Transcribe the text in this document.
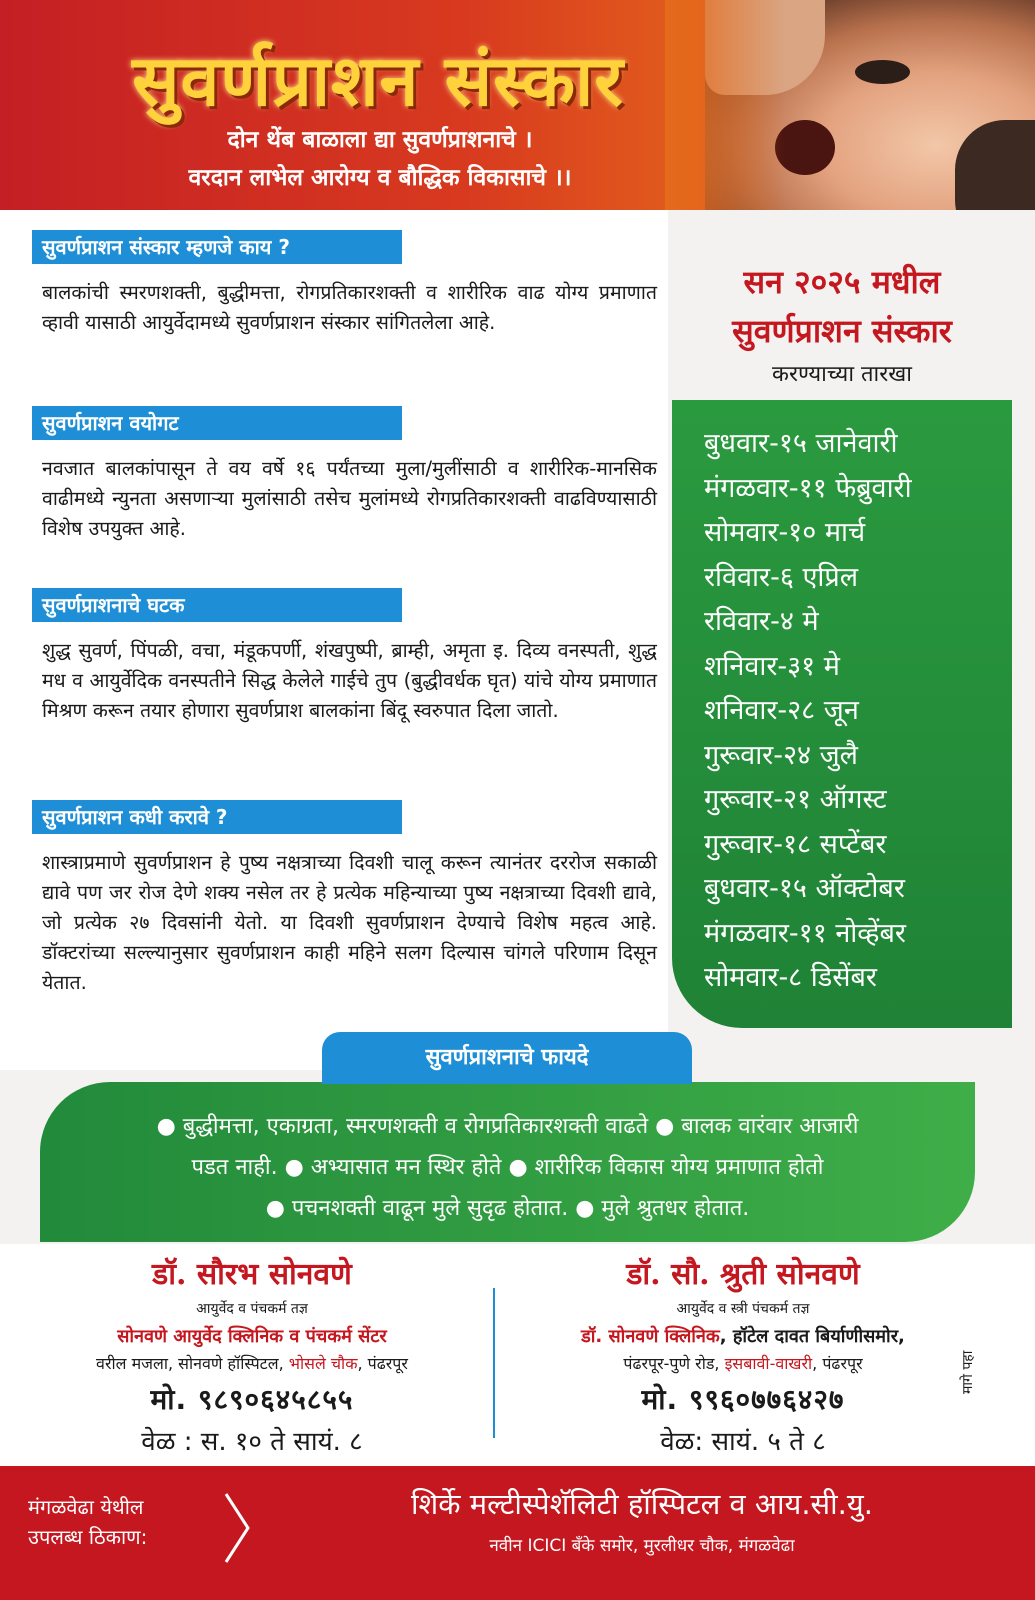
सुवर्णप्राशन संस्कार
दोन थेंब बाळाला द्या सुवर्णप्राशनाचे ।
वरदान लाभेल आरोग्य व बौद्धिक विकासाचे ।।
सुवर्णप्राशन संस्कार म्हणजे काय ?
बालकांची स्मरणशक्ती, बुद्धीमत्ता, रोगप्रतिकारशक्ती व शारीरिक वाढ योग्य प्रमाणात व्हावी यासाठी आयुर्वेदामध्ये सुवर्णप्राशन संस्कार सांगितलेला आहे.
सुवर्णप्राशन वयोगट
नवजात बालकांपासून ते वय वर्षे १६ पर्यंतच्या मुला/मुलींसाठी व शारीरिक-मानसिक वाढीमध्ये न्युनता असणाऱ्या मुलांसाठी तसेच मुलांमध्ये रोगप्रतिकारशक्ती वाढविण्यासाठी विशेष उपयुक्त आहे.
सुवर्णप्राशनाचे घटक
शुद्ध सुवर्ण, पिंपळी, वचा, मंडूकपर्णी, शंखपुष्पी, ब्राम्ही, अमृता इ. दिव्य वनस्पती, शुद्ध मध व आयुर्वेदिक वनस्पतीने सिद्ध केलेले गाईचे तुप (बुद्धीवर्धक घृत) यांचे योग्य प्रमाणात मिश्रण करून तयार होणारा सुवर्णप्राश बालकांना बिंदू स्वरुपात दिला जातो.
सुवर्णप्राशन कधी करावे ?
शास्त्राप्रमाणे सुवर्णप्राशन हे पुष्य नक्षत्राच्या दिवशी चालू करून त्यानंतर दररोज सकाळी द्यावे पण जर रोज देणे शक्य नसेल तर हे प्रत्येक महिन्याच्या पुष्य नक्षत्राच्या दिवशी द्यावे, जो प्रत्येक २७ दिवसांनी येतो. या दिवशी सुवर्णप्राशन देण्याचे विशेष महत्व आहे. डॉक्टरांच्या सल्ल्यानुसार सुवर्णप्राशन काही महिने सलग दिल्यास चांगले परिणाम दिसून येतात.
सन २०२५ मधील
सुवर्णप्राशन संस्कार
करण्याच्या तारखा
बुधवार-१५ जानेवारी
मंगळवार-११ फेब्रुवारी
सोमवार-१० मार्च
रविवार-६ एप्रिल
रविवार-४ मे
शनिवार-३१ मे
शनिवार-२८ जून
गुरूवार-२४ जुलै
गुरूवार-२१ ऑगस्ट
गुरूवार-१८ सप्टेंबर
बुधवार-१५ ऑक्टोबर
मंगळवार-११ नोव्हेंबर
सोमवार-८ डिसेंबर
● बुद्धीमत्ता, एकाग्रता, स्मरणशक्ती व रोगप्रतिकारशक्ती वाढते ● बालक वारंवार आजारी
पडत नाही. ● अभ्यासात मन स्थिर होते ● शारीरिक विकास योग्य प्रमाणात होतो
● पचनशक्ती वाढून मुले सुदृढ होतात. ● मुले श्रुतधर होतात.
सुवर्णप्राशनाचे फायदे
डॉ. सौरभ सोनवणे
आयुर्वेद व पंचकर्म तज्ञ
सोनवणे आयुर्वेद क्लिनिक व पंचकर्म सेंटर
वरील मजला, सोनवणे हॉस्पिटल, भोसले चौक, पंढरपूर
मो. ९८९०६४५८५५
वेळ : स. १० ते सायं. ८
डॉ. सौ. श्रुती सोनवणे
आयुर्वेद व स्त्री पंचकर्म तज्ञ
डॉ. सोनवणे क्लिनिक, हॉटेल दावत बिर्याणीसमोर,
पंढरपूर-पुणे रोड, इसबावी-वाखरी, पंढरपूर
मो. ९९६०७७६४२७
वेळ: सायं. ५ ते ८
मागे पहा
मंगळवेढा येथील
उपलब्ध ठिकाण:
शिर्के मल्टीस्पेशॅलिटी हॉस्पिटल व आय.सी.यु.
नवीन ICICI बँके समोर, मुरलीधर चौक, मंगळवेढा
